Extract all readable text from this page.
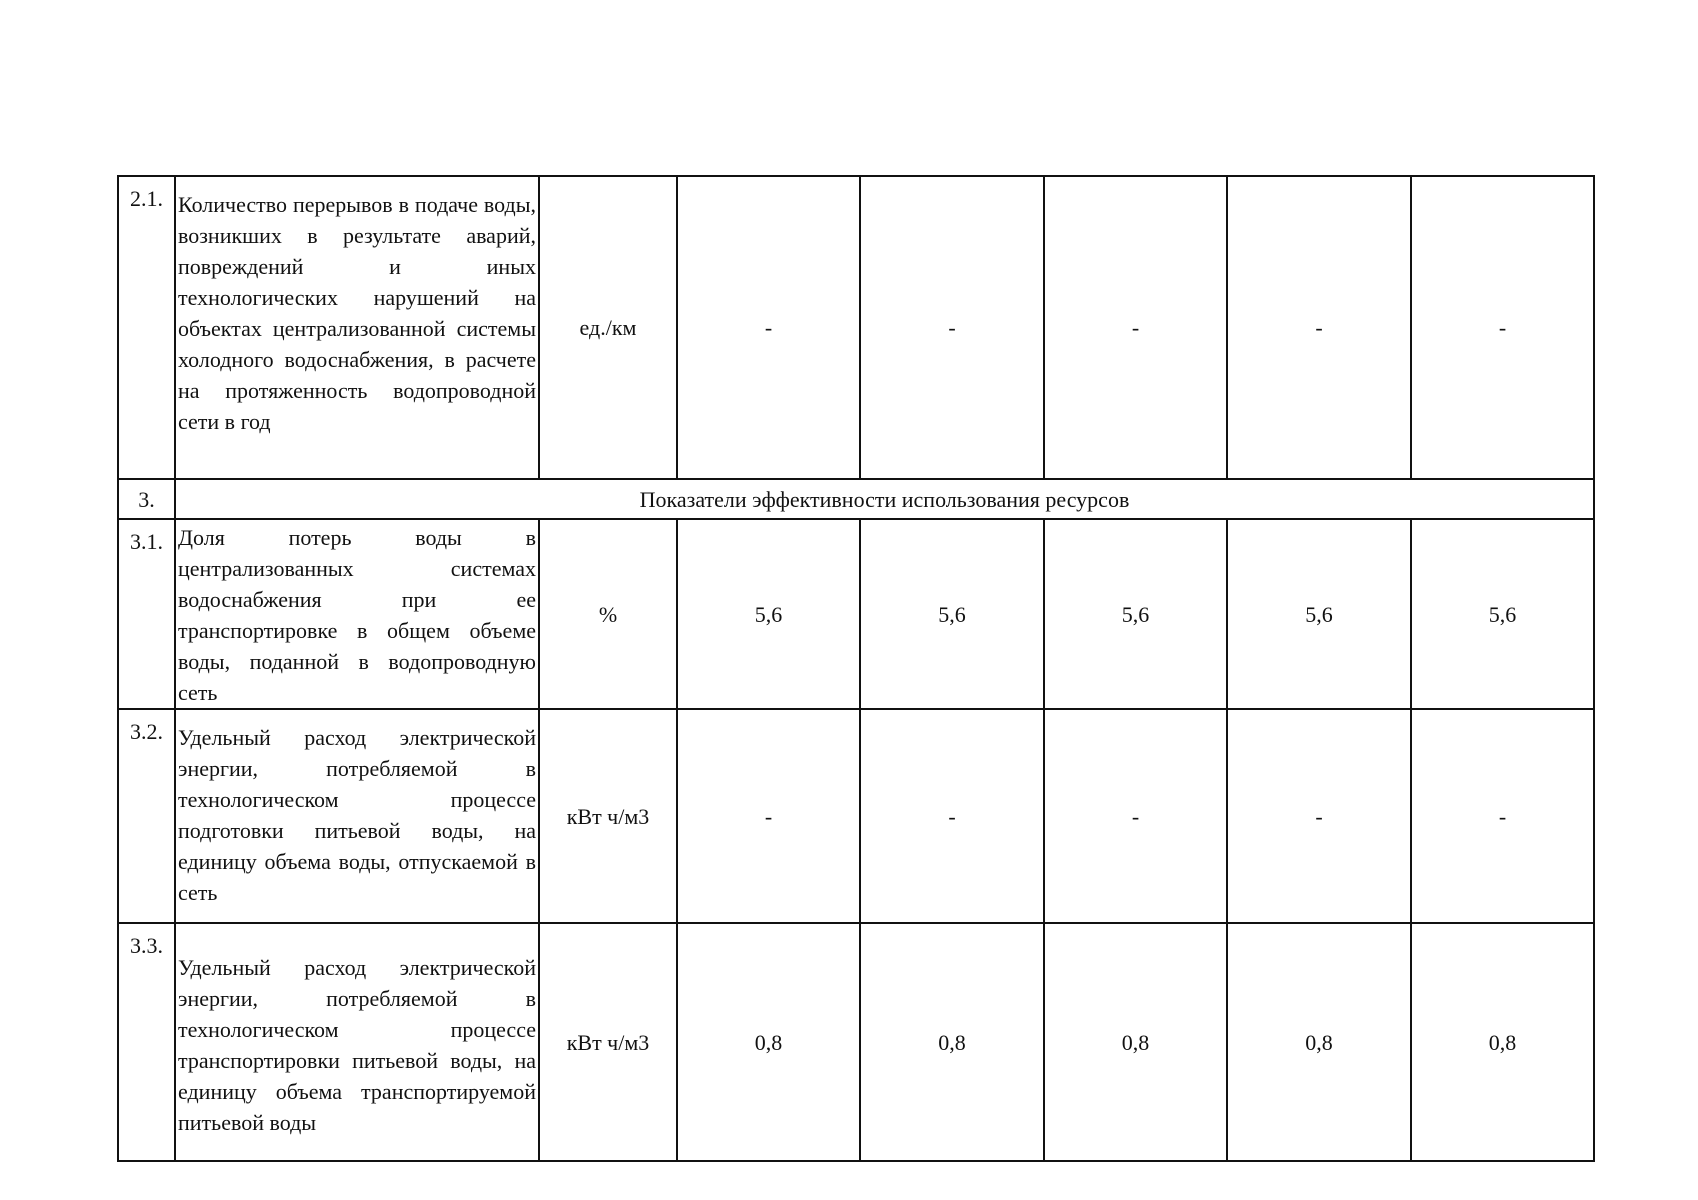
2.1.	Количество перерывов в подаче воды, возникших в результате аварий, повреждений и иных технологических нарушений на объектах централизованной системы холодного водоснабжения, в расчете на протяженность водопроводной сети в год	ед./км	-	-	-	-	-
3.	Показатели эффективности использования ресурсов						
3.1.	Доля потерь воды в централизованных системах водоснабжения при ее транспортировке в общем объеме воды, поданной в водопроводную сеть	%	5,6	5,6	5,6	5,6	5,6
3.2.	Удельный расход электрической энергии, потребляемой в технологическом процессе подготовки питьевой воды, на единицу объема воды, отпускаемой в сеть	кВт ч/м3	-	-	-	-	-
3.3.	Удельный расход электрической энергии, потребляемой в технологическом процессе транспортировки питьевой воды, на единицу объема транспортируемой питьевой воды	кВт ч/м3	0,8	0,8	0,8	0,8	0,8
